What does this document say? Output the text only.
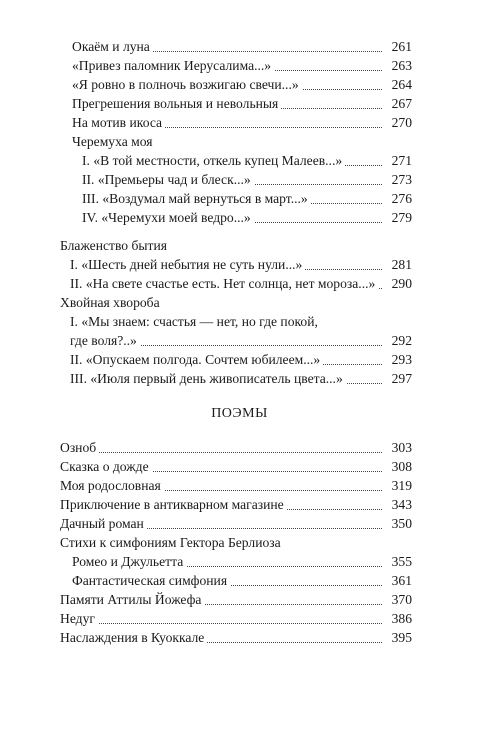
Окаём и луна	261
«Привез паломник Иерусалима...»	263
«Я ровно в полночь возжигаю свечи...»	264
Прегрешения вольныя и невольныя	267
На мотив икоса	270
Черемуха моя
I. «В той местности, откель купец Малеев...»	271
II. «Премьеры чад и блеск...»	273
III. «Воздумал май вернуться в март...»	276
IV. «Черемухи моей ведро...»	279
Блаженство бытия
I. «Шесть дней небытия не суть нули...»	281
II. «На свете счастье есть. Нет солнца, нет мороза...» 290
Хвойная хворoба
I. «Мы знаем: счастья — нет, но где покой,
где воля?..»	292
II. «Опускаем полгода. Сочтем юбилеем...»	293
III. «Июля первый день живописатель цвета...»	297
ПОЭМЫ
Озноб	303
Сказка о дожде	308
Моя родословная	319
Приключение в антикварном магазине	343
Дачный роман	350
Стихи к симфониям Гектора Берлиоза
Ромео и Джульетта	355
Фантастическая симфония	361
Памяти Аттилы Йожефа	370
Недуг	386
Наслаждения в Куоккале	395
